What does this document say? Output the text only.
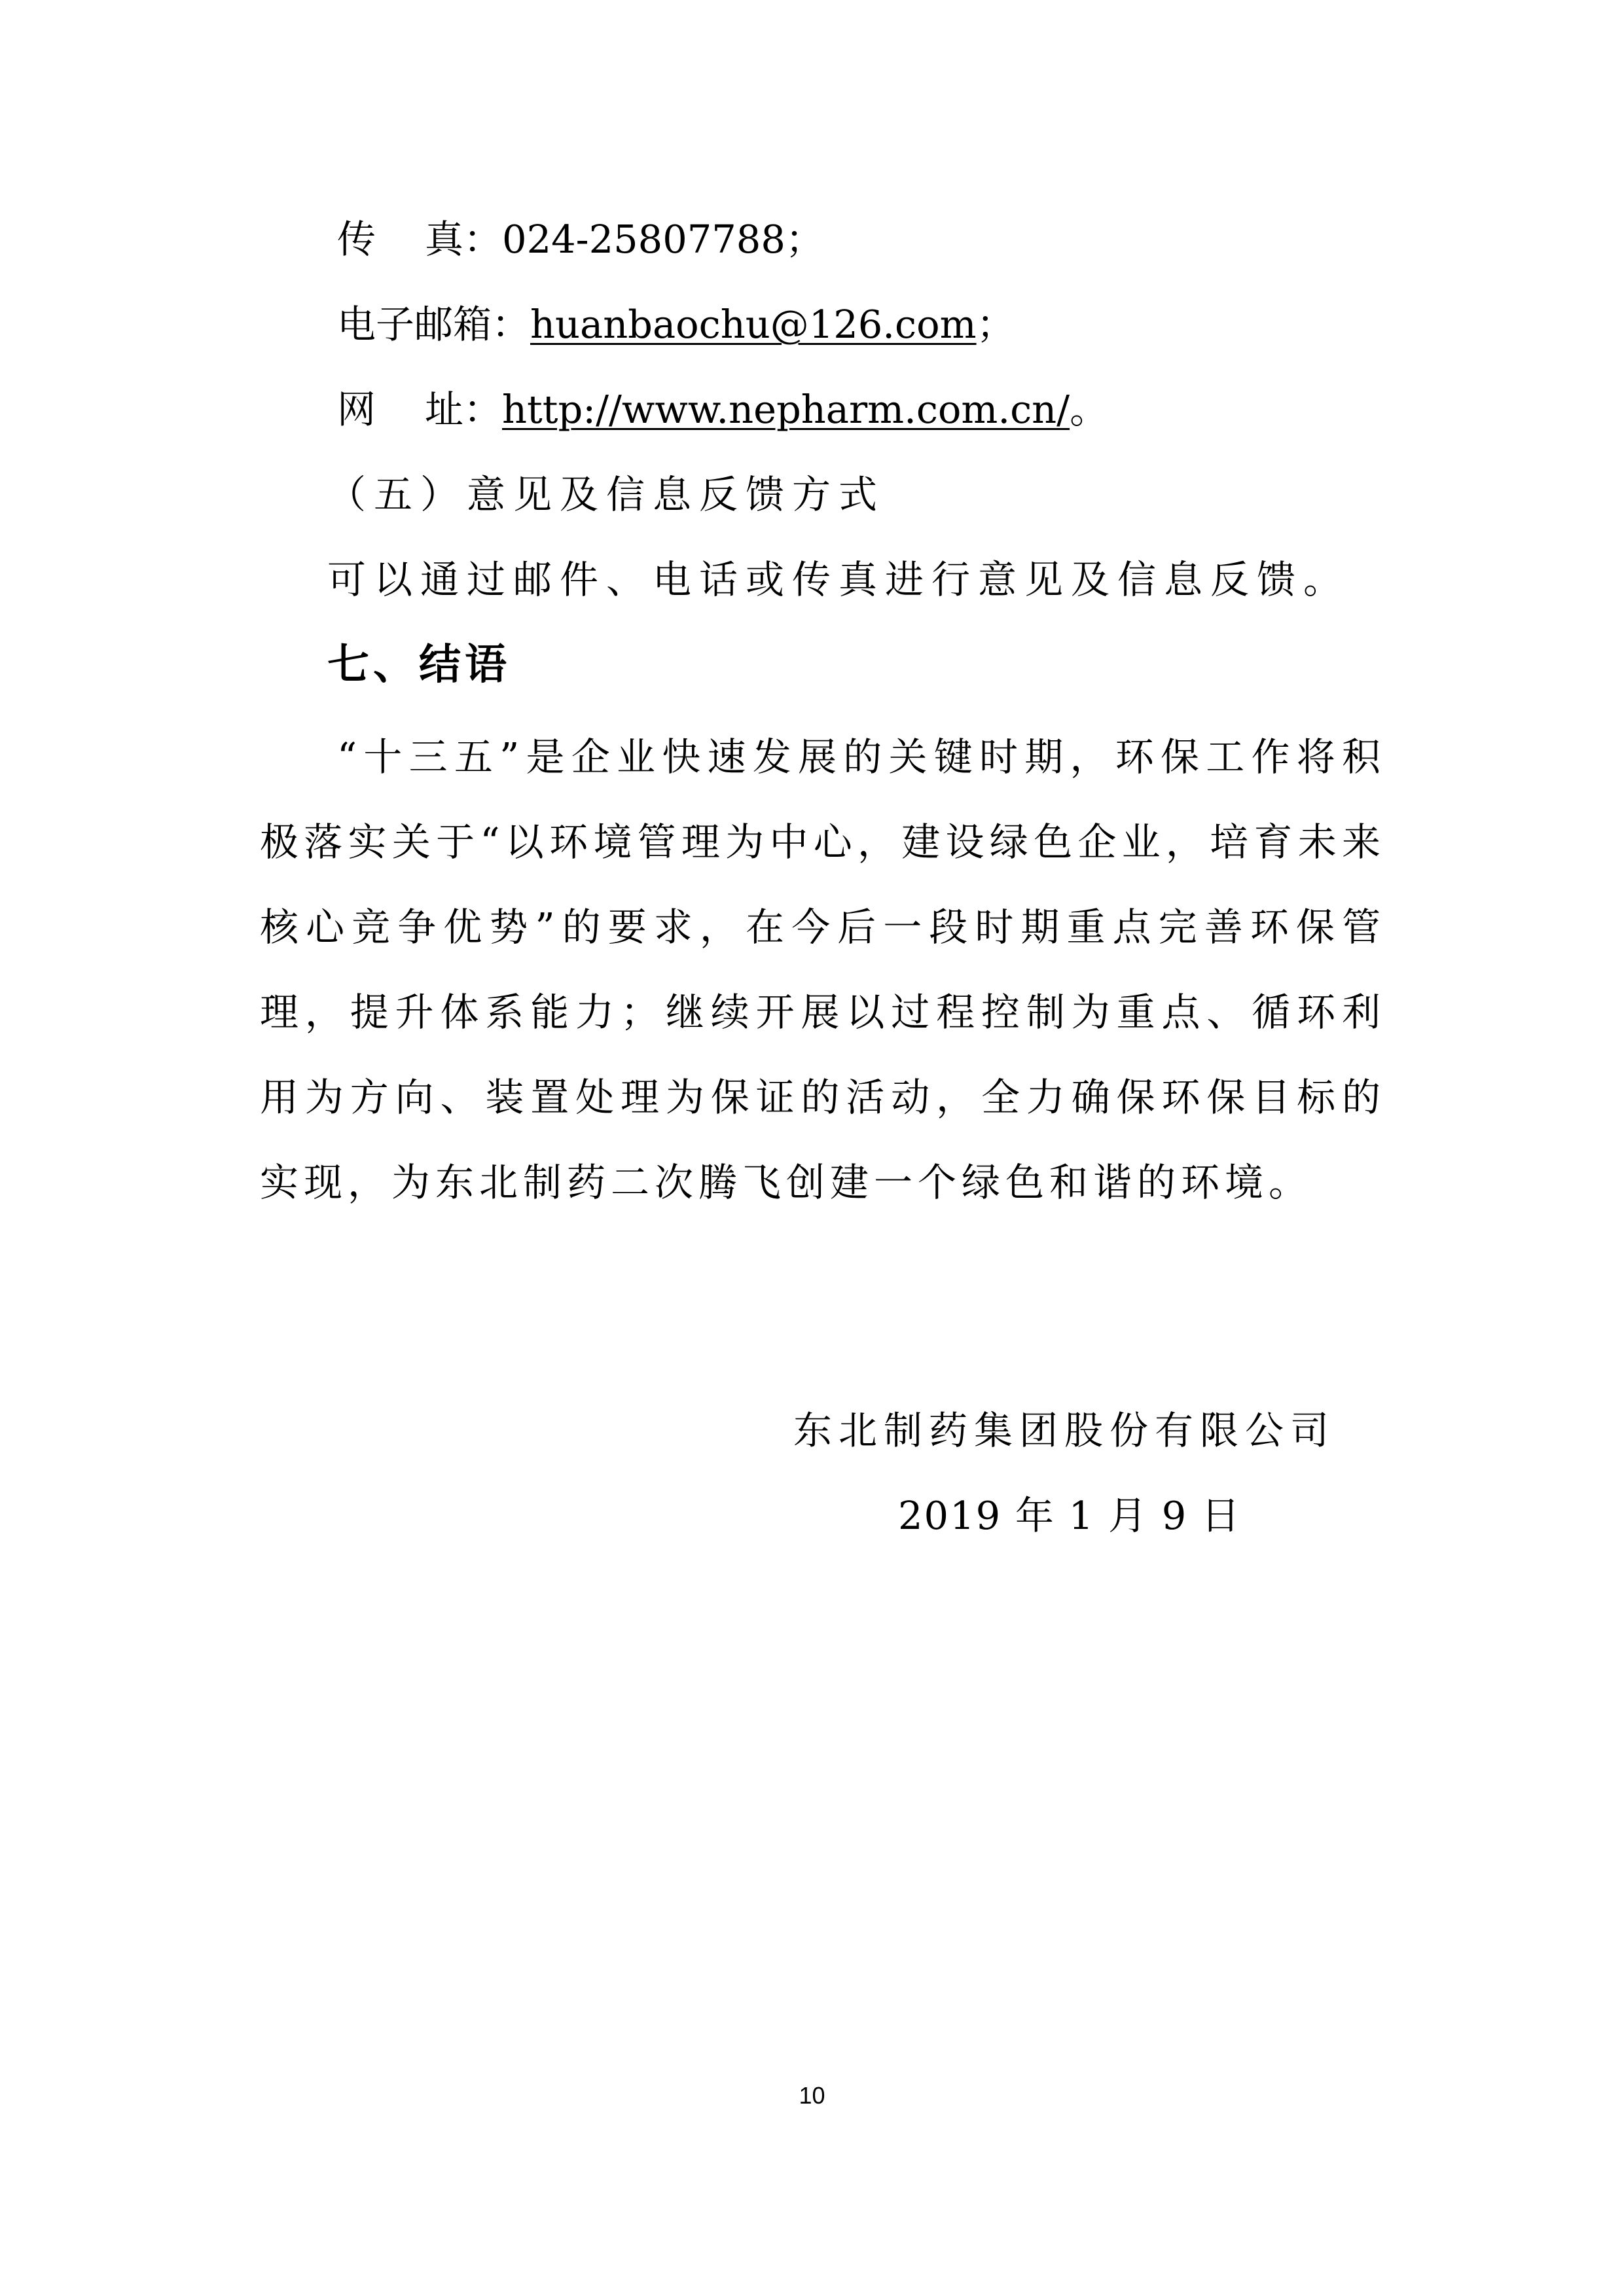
传    真：024-25807788；
电子邮箱：huanbaochu@126.com；
网    址：http://www.nepharm.com.cn/。
（五）意见及信息反馈方式
可以通过邮件、电话或传真进行意见及信息反馈。
七、结语
“十三五”是企业快速发展的关键时期，环保工作将积极落实关于“以环境管理为中心，建设绿色企业，培育未来核心竞争优势”的要求，在今后一段时期重点完善环保管理，提升体系能力；继续开展以过程控制为重点、循环利用为方向、装置处理为保证的活动，全力确保环保目标的实现，为东北制药二次腾飞创建一个绿色和谐的环境。
东北制药集团股份有限公司
2019 年 1 月 9 日
10
